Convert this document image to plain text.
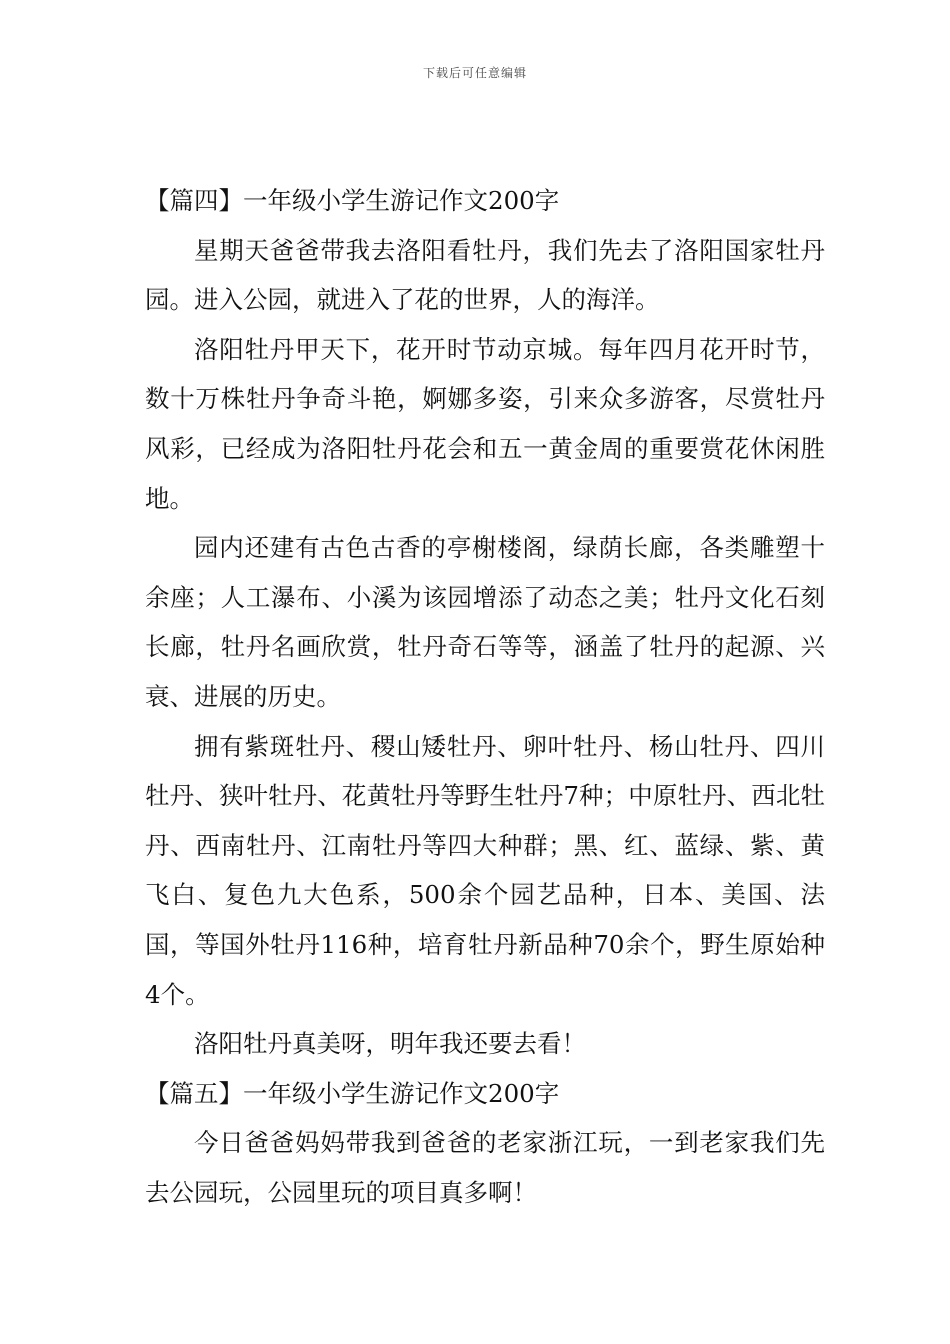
下载后可任意编辑

【篇四】一年级小学生游记作文200字

星期天爸爸带我去洛阳看牡丹，我们先去了洛阳国家牡丹园。进入公园，就进入了花的世界，人的海洋。

洛阳牡丹甲天下，花开时节动京城。每年四月花开时节，数十万株牡丹争奇斗艳，婀娜多姿，引来众多游客，尽赏牡丹风彩，已经成为洛阳牡丹花会和五一黄金周的重要赏花休闲胜地。

园内还建有古色古香的亭榭楼阁，绿荫长廊，各类雕塑十余座；人工瀑布、小溪为该园增添了动态之美；牡丹文化石刻长廊，牡丹名画欣赏，牡丹奇石等等，涵盖了牡丹的起源、兴衰、进展的历史。

拥有紫斑牡丹、稷山矮牡丹、卵叶牡丹、杨山牡丹、四川牡丹、狭叶牡丹、花黄牡丹等野生牡丹7种；中原牡丹、西北牡丹、西南牡丹、江南牡丹等四大种群；黑、红、蓝绿、紫、黄飞白、复色九大色系，500余个园艺品种，日本、美国、法国，等国外牡丹116种，培育牡丹新品种70余个，野生原始种4个。

洛阳牡丹真美呀，明年我还要去看！

【篇五】一年级小学生游记作文200字

今日爸爸妈妈带我到爸爸的老家浙江玩，一到老家我们先去公园玩，公园里玩的项目真多啊！
